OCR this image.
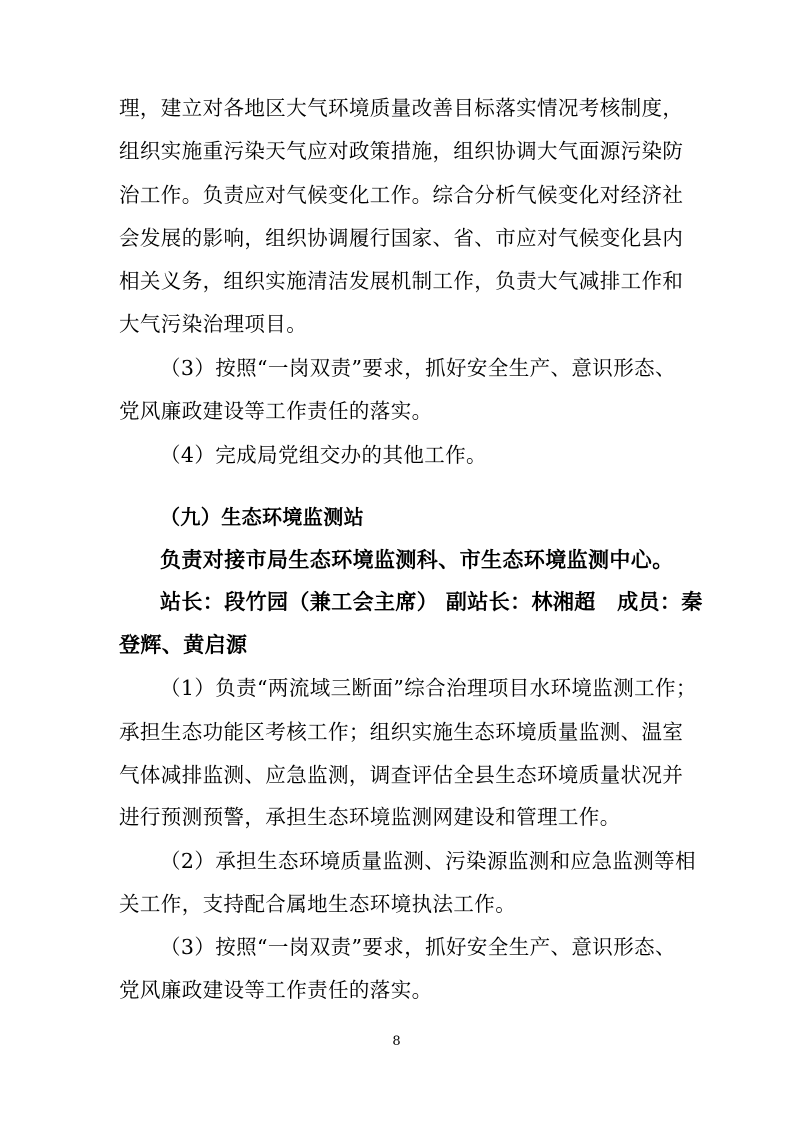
理，建立对各地区大气环境质量改善目标落实情况考核制度，
组织实施重污染天气应对政策措施，组织协调大气面源污染防
治工作。负责应对气候变化工作。综合分析气候变化对经济社
会发展的影响，组织协调履行国家、省、市应对气候变化县内
相关义务，组织实施清洁发展机制工作，负责大气减排工作和
大气污染治理项目。
（3）按照“一岗双责”要求，抓好安全生产、意识形态、
党风廉政建设等工作责任的落实。
（4）完成局党组交办的其他工作。
（九）生态环境监测站
负责对接市局生态环境监测科、市生态环境监测中心。
站长：段竹园（兼工会主席） 副站长：林湘超　成员：秦
登辉、黄启源
（1）负责“两流域三断面”综合治理项目水环境监测工作；
承担生态功能区考核工作；组织实施生态环境质量监测、温室
气体减排监测、应急监测，调查评估全县生态环境质量状况并
进行预测预警，承担生态环境监测网建设和管理工作。
（2）承担生态环境质量监测、污染源监测和应急监测等相
关工作，支持配合属地生态环境执法工作。
（3）按照“一岗双责”要求，抓好安全生产、意识形态、
党风廉政建设等工作责任的落实。
8
